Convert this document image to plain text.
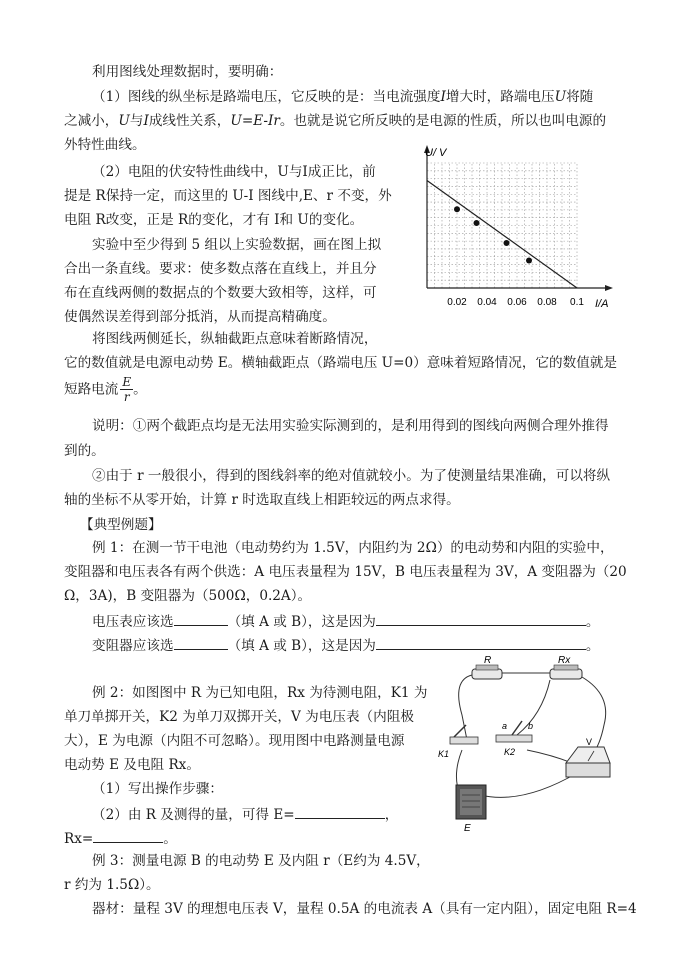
利用图线处理数据时，要明确：
（1）图线的纵坐标是路端电压，它反映的是：当电流强度I增大时，路端电压U将随
之减小，U与I成线性关系，U=E-Ir。也就是说它所反映的是电源的性质，所以也叫电源的
外特性曲线。
（2）电阻的伏安特性曲线中，U与I成正比，前
提是 R保持一定，而这里的 U-I 图线中,E、r 不变，外
电阻 R改变，正是 R的变化，才有 I和 U的变化。
实验中至少得到 5 组以上实验数据，画在图上拟
合出一条直线。要求：使多数点落在直线上，并且分
布在直线两侧的数据点的个数要大致相等，这样，可
使偶然误差得到部分抵消，从而提高精确度。
将图线两侧延长，纵轴截距点意味着断路情况，
它的数值就是电源电动势 E。横轴截距点（路端电压 U=0）意味着短路情况，它的数值就是
短路电流 $\frac{E}{r}$ 。
说明：①两个截距点均是无法用实验实际测到的，是利用得到的图线向两侧合理外推得
到的。
②由于 r 一般很小，得到的图线斜率的绝对值就较小。为了使测量结果准确，可以将纵
轴的坐标不从零开始，计算 r 时选取直线上相距较远的两点求得。
【典型例题】
例 1：在测一节干电池（电动势约为 1.5V，内阻约为 2Ω）的电动势和内阻的实验中，
变阻器和电压表各有两个供选：A 电压表量程为 15V，B 电压表量程为 3V，A 变阻器为（20
Ω，3A)，B 变阻器为（500Ω，0.2A）。
电压表应该选	（填 A 或 B），这是因为	。
变阻器应该选	（填 A 或 B），这是因为	。
例 2：如图图中 R 为已知电阻，Rx 为待测电阻，K1 为
单刀单掷开关，K2 为单刀双掷开关，V 为电压表（内阻极
大），E 为电源（内阻不可忽略）。现用图中电路测量电源
电动势 E 及电阻 Rx。
（1）写出操作步骤：
（2）由 R 及测得的量，可得 E=	，
Rx=	。
例 3：测量电源 B 的电动势 E 及内阻 r（E约为 4.5V，
r 约为 1.5Ω）。
器材：量程 3V 的理想电压表 V，量程 0.5A 的电流表 A（具有一定内阻），固定电阻 R=4
U/ V
I/A
0.02 0.04 0.06 0.08 0.1
R	Rx
K1
a b
K2
V
E
